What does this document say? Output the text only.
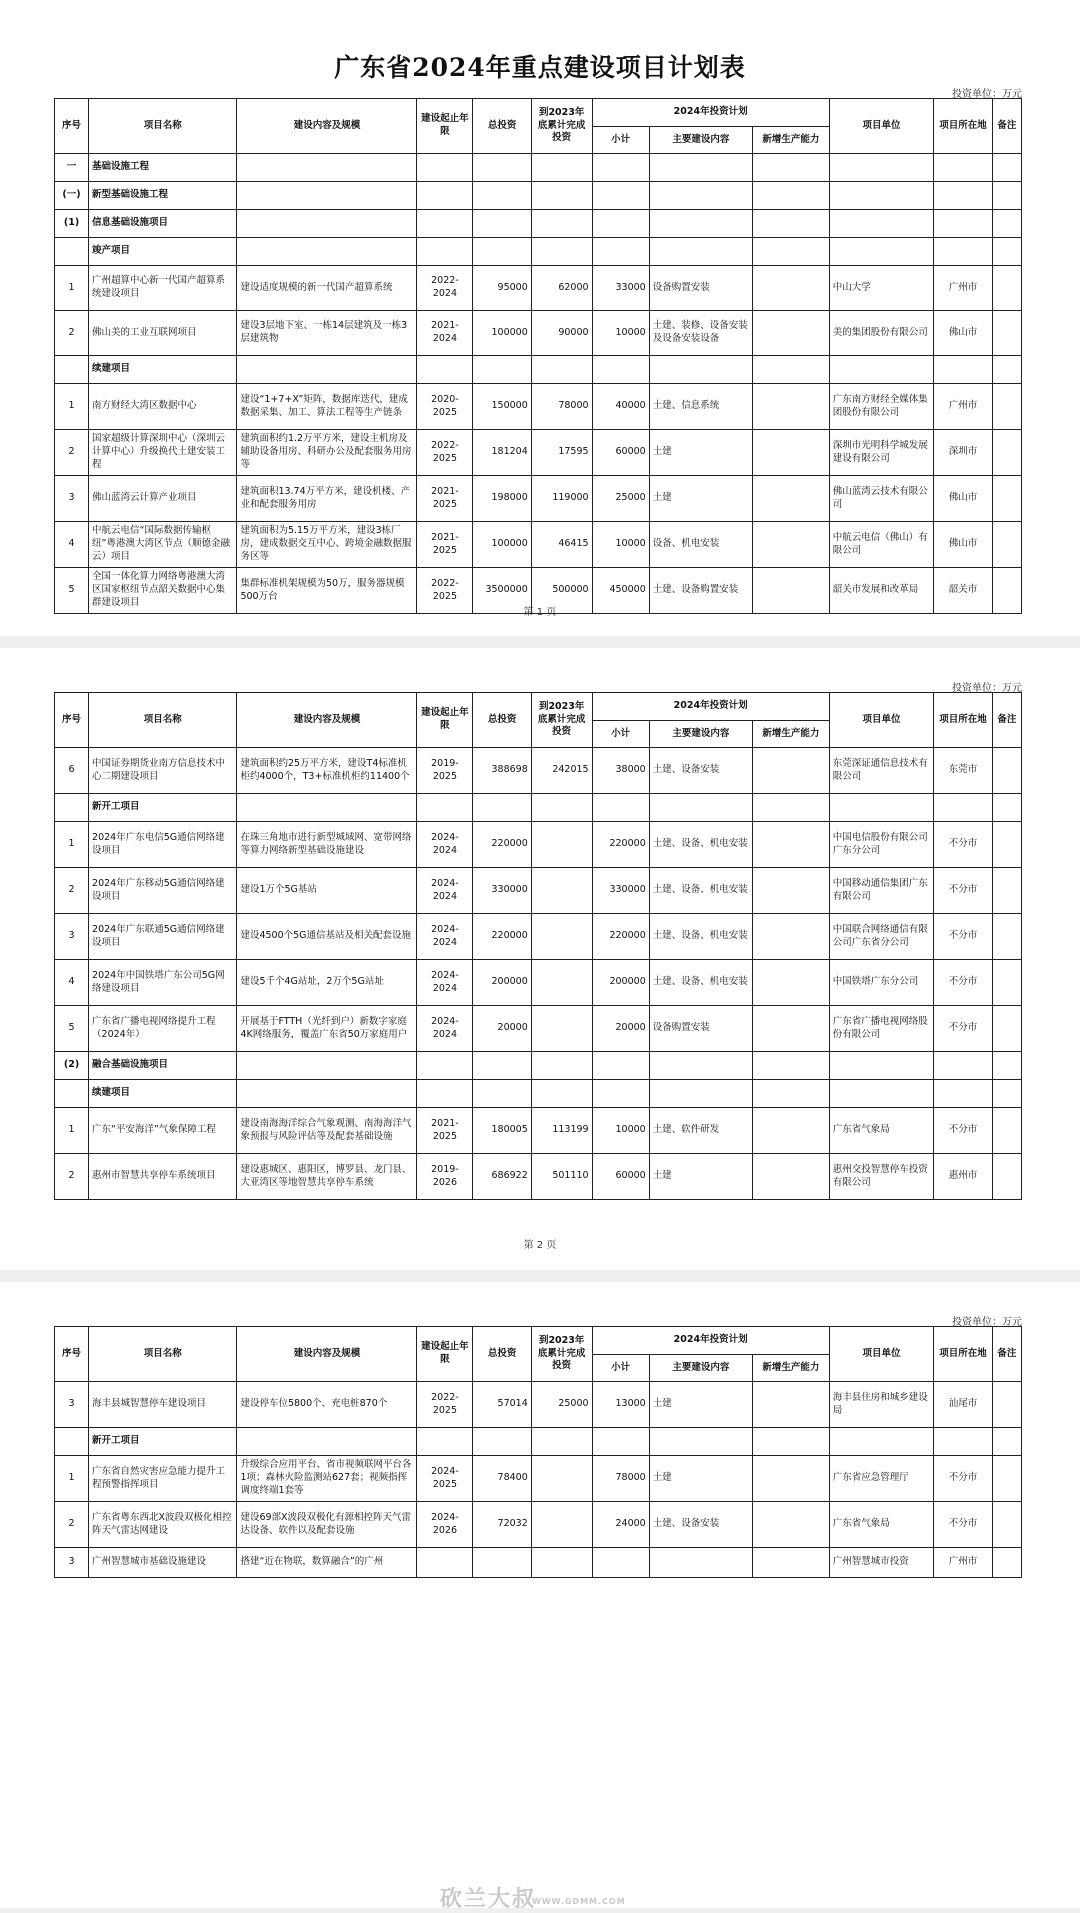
广东省2024年重点建设项目计划表
投资单位：万元
序号	项目名称	建设内容及规模	建设起止年限	总投资	到2023年底累计完成投资	2024年投资计划			项目单位	项目所在地	备注
						小计	主要建设内容	新增生产能力			
一	基础设施工程										
(一)	新型基础设施工程										
(1)	信息基础设施项目										
	竣产项目										
1	广州超算中心新一代国产超算系统建设项目	建设适度规模的新一代国产超算系统	2022-2024	95000	62000	33000	设备购置安装		中山大学	广州市	
2	佛山美的工业互联网项目	建设3层地下室、一栋14层建筑及一栋3层建筑物	2021-2024	100000	90000	10000	土建、装修、设备安装及设备安装设备		美的集团股份有限公司	佛山市	
	续建项目										
1	南方财经大湾区数据中心	建设“1+7+X”矩阵，数据库迭代，建成数据采集、加工、算法工程等生产链条	2020-2025	150000	78000	40000	土建、信息系统		广东南方财经全媒体集团股份有限公司	广州市	
2	国家超级计算深圳中心（深圳云计算中心）升级换代土建安装工程	建筑面积约1.2万平方米，建设主机房及辅助设备用房、科研办公及配套服务用房等	2022-2025	181204	17595	60000	土建		深圳市光明科学城发展建设有限公司	深圳市	
3	佛山蓝湾云计算产业项目	建筑面积13.74万平方米，建设机楼、产业和配套服务用房	2021-2025	198000	119000	25000	土建		佛山蓝湾云技术有限公司	佛山市	
4	中航云电信“国际数据传输枢纽”粤港澳大湾区节点（顺德金融云）项目	建筑面积为5.15万平方米，建设3栋厂房，建成数据交互中心、跨境金融数据服务区等	2021-2025	100000	46415	10000	设备、机电安装		中航云电信（佛山）有限公司	佛山市	
5	全国一体化算力网络粤港澳大湾区国家枢纽节点韶关数据中心集群建设项目	集群标准机架规模为50万，服务器规模500万台	2022-2025	3500000	500000	450000	土建、设备购置安装		韶关市发展和改革局	韶关市	
第 1 页
投资单位：万元
序号	项目名称	建设内容及规模	建设起止年限	总投资	到2023年底累计完成投资	2024年投资计划			项目单位	项目所在地	备注
						小计	主要建设内容	新增生产能力			
6	中国证券期货业南方信息技术中心二期建设项目	建筑面积约25万平方米，建设T4标准机柜约4000个，T3+标准机柜约11400个	2019-2025	388698	242015	38000	土建、设备安装		东莞深证通信息技术有限公司	东莞市	
	新开工项目										
1	2024年广东电信5G通信网络建设项目	在珠三角地市进行新型城域网、宽带网络等算力网络新型基础设施建设	2024-2024	220000		220000	土建、设备、机电安装		中国电信股份有限公司广东分公司	不分市	
2	2024年广东移动5G通信网络建设项目	建设1万个5G基站	2024-2024	330000		330000	土建、设备、机电安装		中国移动通信集团广东有限公司	不分市	
3	2024年广东联通5G通信网络建设项目	建设4500个5G通信基站及相关配套设施	2024-2024	220000		220000	土建、设备、机电安装		中国联合网络通信有限公司广东省分公司	不分市	
4	2024年中国铁塔广东公司5G网络建设项目	建设5千个4G站址，2万个5G站址	2024-2024	200000		200000	土建、设备、机电安装		中国铁塔广东分公司	不分市	
5	广东省广播电视网络提升工程（2024年）	开展基于FTTH（光纤到户）新数字家庭4K网络服务，覆盖广东省50万家庭用户	2024-2024	20000		20000	设备购置安装		广东省广播电视网络股份有限公司	不分市	
(2)	融合基础设施项目										
	续建项目										
1	广东“平安海洋”气象保障工程	建设南海海洋综合气象观测、南海海洋气象预报与风险评估等及配套基础设施	2021-2025	180005	113199	10000	土建、软件研发		广东省气象局	不分市	
2	惠州市智慧共享停车系统项目	建设惠城区、惠阳区，博罗县、龙门县、大亚湾区等地智慧共享停车系统	2019-2026	686922	501110	60000	土建		惠州交投智慧停车投资有限公司	惠州市	
第 2 页
投资单位：万元
序号	项目名称	建设内容及规模	建设起止年限	总投资	到2023年底累计完成投资	2024年投资计划			项目单位	项目所在地	备注
						小计	主要建设内容	新增生产能力			
3	海丰县城智慧停车建设项目	建设停车位5800个、充电桩870个	2022-2025	57014	25000	13000	土建		海丰县住房和城乡建设局	汕尾市	
	新开工项目										
1	广东省自然灾害应急能力提升工程预警指挥项目	升级综合应用平台、省市视频联网平台各1项；森林火险监测站627套；视频指挥调度终端1套等	2024-2025	78400		78000	土建		广东省应急管理厅	不分市	
2	广东省粤东西北X波段双极化相控阵天气雷达网建设	建设69部X波段双极化有源相控阵天气雷达设备、软件以及配套设施	2024-2026	72032		24000	土建、设备安装		广东省气象局	不分市	
3	广州智慧城市基础设施建设	搭建“近在物联，数算融合”的广州							广州智慧城市投资	广州市	
砍兰大叔
WWW.GDMM.COM
